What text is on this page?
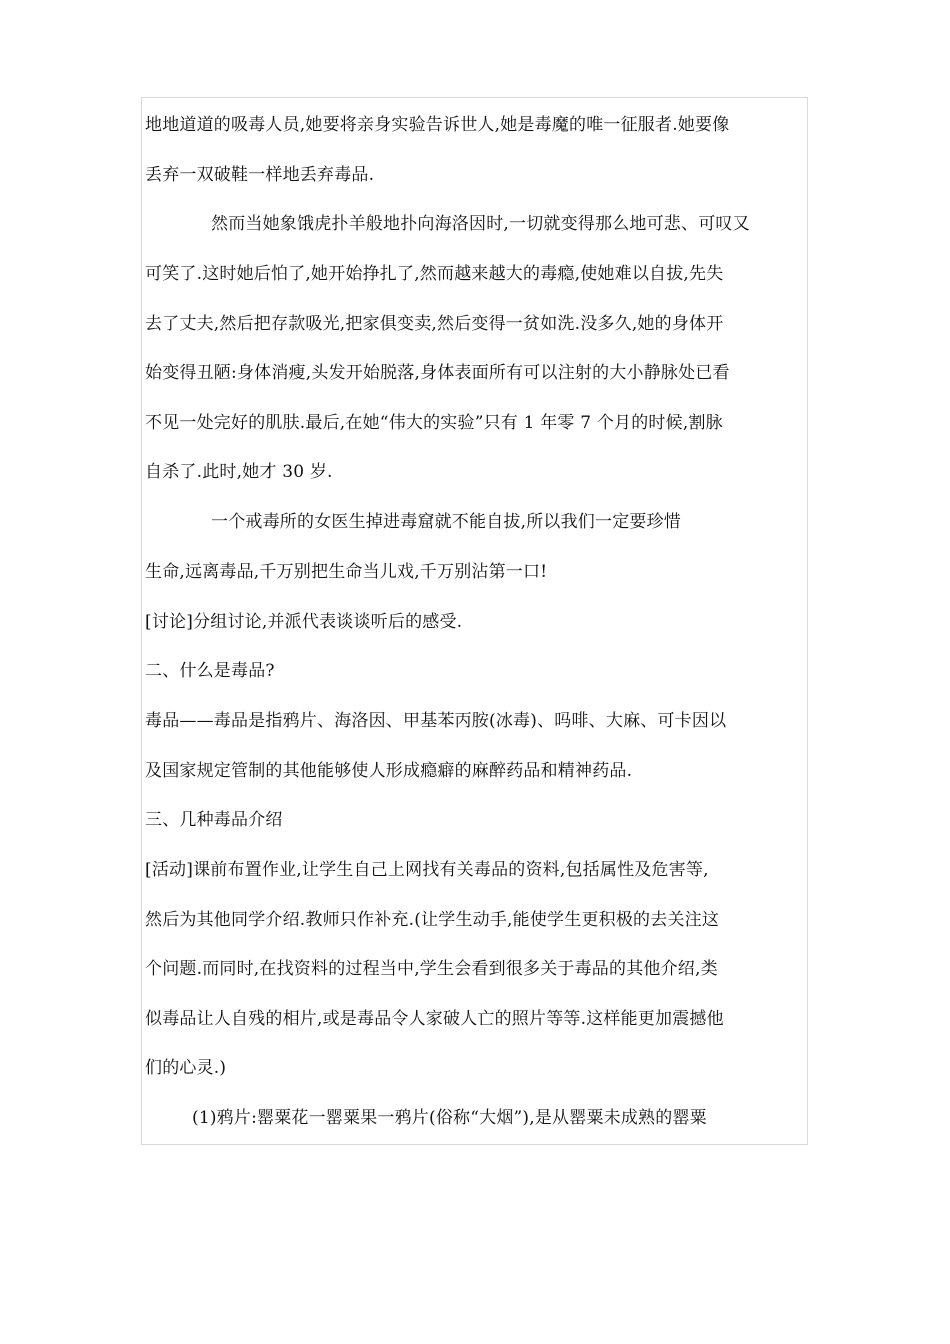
地地道道的吸毒人员,她要将亲身实验告诉世人,她是毒魔的唯一征服者.她要像
丢弃一双破鞋一样地丢弃毒品.
然而当她象饿虎扑羊般地扑向海洛因时,一切就变得那么地可悲、可叹又
可笑了.这时她后怕了,她开始挣扎了,然而越来越大的毒瘾,使她难以自拔,先失
去了丈夫,然后把存款吸光,把家俱变卖,然后变得一贫如洗.没多久,她的身体开
始变得丑陋:身体消瘦,头发开始脱落,身体表面所有可以注射的大小静脉处已看
不见一处完好的肌肤.最后,在她“伟大的实验”只有 1 年零 7 个月的时候,割脉
自杀了.此时,她才 30 岁.
一个戒毒所的女医生掉进毒窟就不能自拔,所以我们一定要珍惜
生命,远离毒品,千万别把生命当儿戏,千万别沾第一口!
[讨论]分组讨论,并派代表谈谈听后的感受.
二、什么是毒品?
毒品——毒品是指鸦片、海洛因、甲基苯丙胺(冰毒)、吗啡、大麻、可卡因以
及国家规定管制的其他能够使人形成瘾癖的麻醉药品和精神药品.
三、几种毒品介绍
[活动]课前布置作业,让学生自己上网找有关毒品的资料,包括属性及危害等,
然后为其他同学介绍.教师只作补充.(让学生动手,能使学生更积极的去关注这
个问题.而同时,在找资料的过程当中,学生会看到很多关于毒品的其他介绍,类
似毒品让人自残的相片,或是毒品令人家破人亡的照片等等.这样能更加震撼他
们的心灵.)
(1)鸦片:罂粟花一罂粟果一鸦片(俗称“大烟”),是从罂粟未成熟的罂粟
